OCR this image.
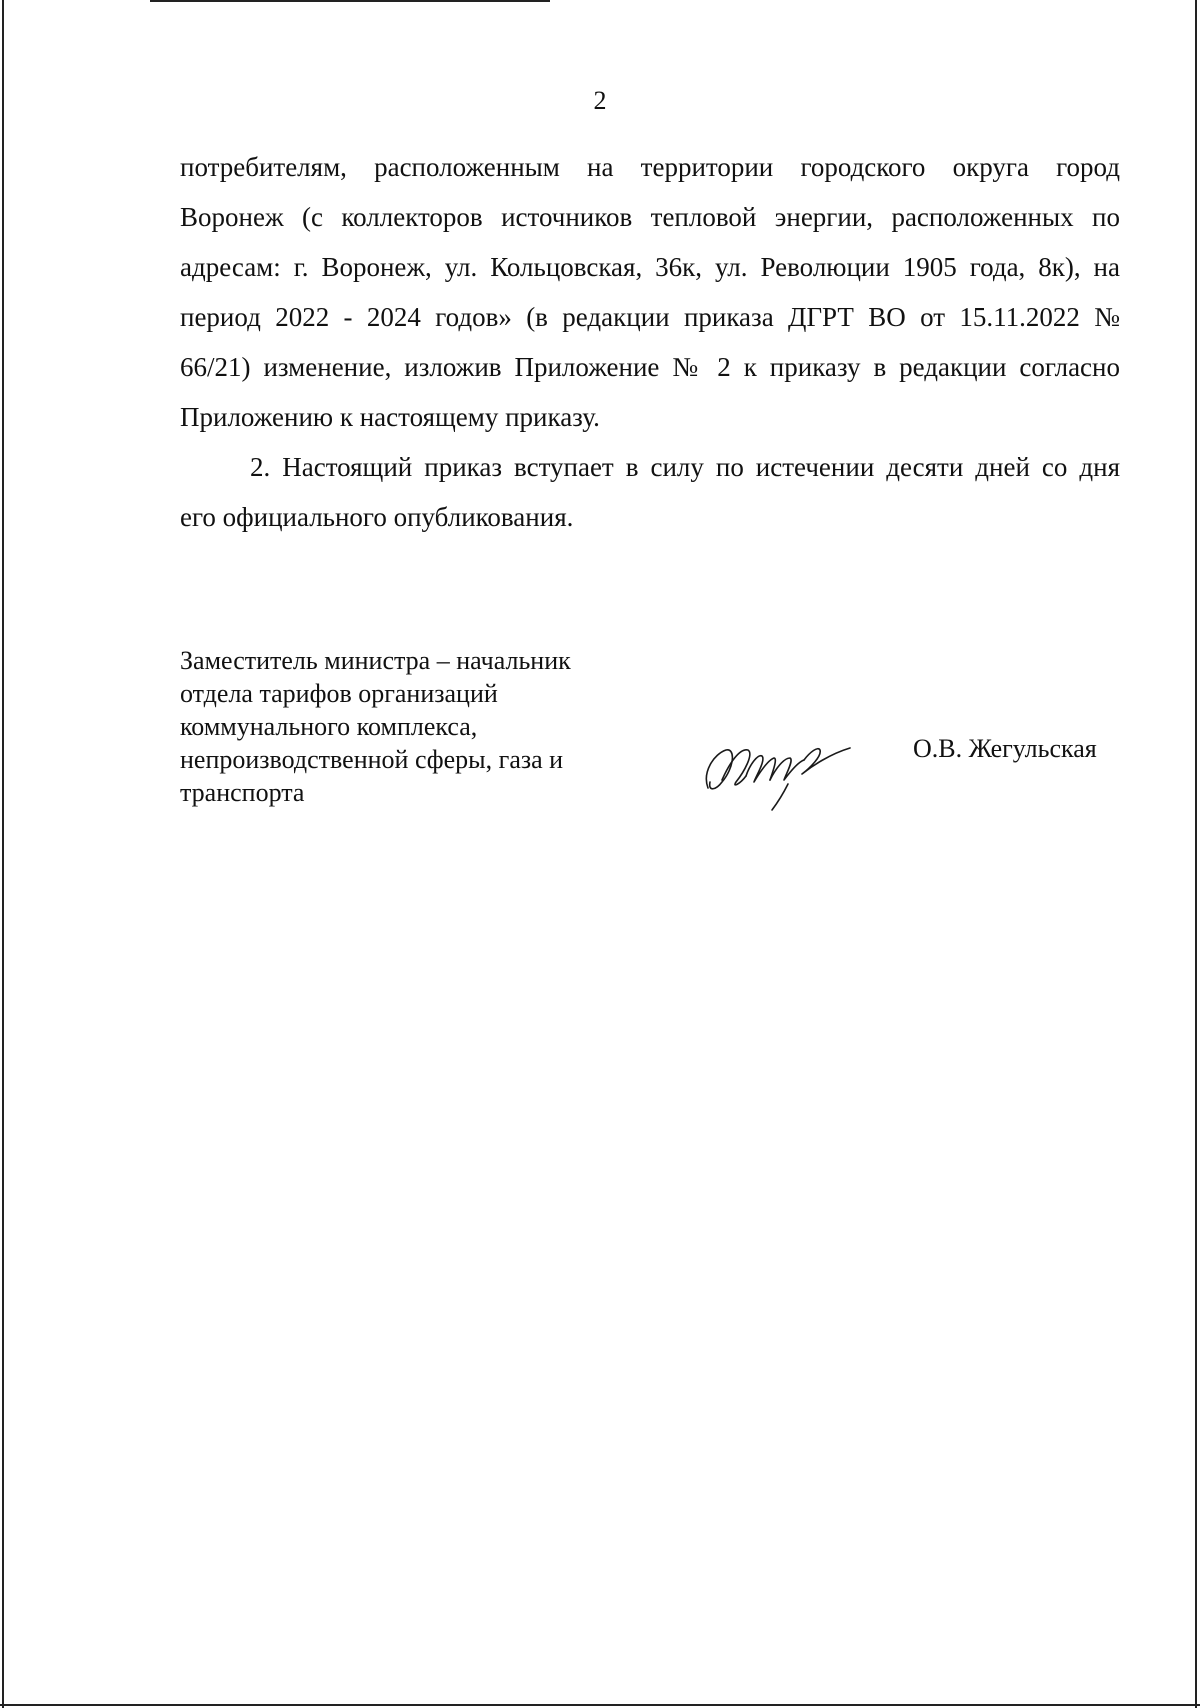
2
потребителям, расположенным на территории городского округа город
Воронеж (с коллекторов источников тепловой энергии, расположенных по
адресам: г. Воронеж, ул. Кольцовская, 36к, ул. Революции 1905 года, 8к), на
период 2022 - 2024 годов» (в редакции приказа ДГРТ ВО от 15.11.2022 №
66/21) изменение, изложив Приложение № 2 к приказу в редакции согласно
Приложению к настоящему приказу.
2. Настоящий приказ вступает в силу по истечении десяти дней со дня
его официального опубликования.
Заместитель министра – начальник
отдела тарифов организаций
коммунального комплекса,
непроизводственной сферы, газа и
транспорта
О.В. Жегульская
